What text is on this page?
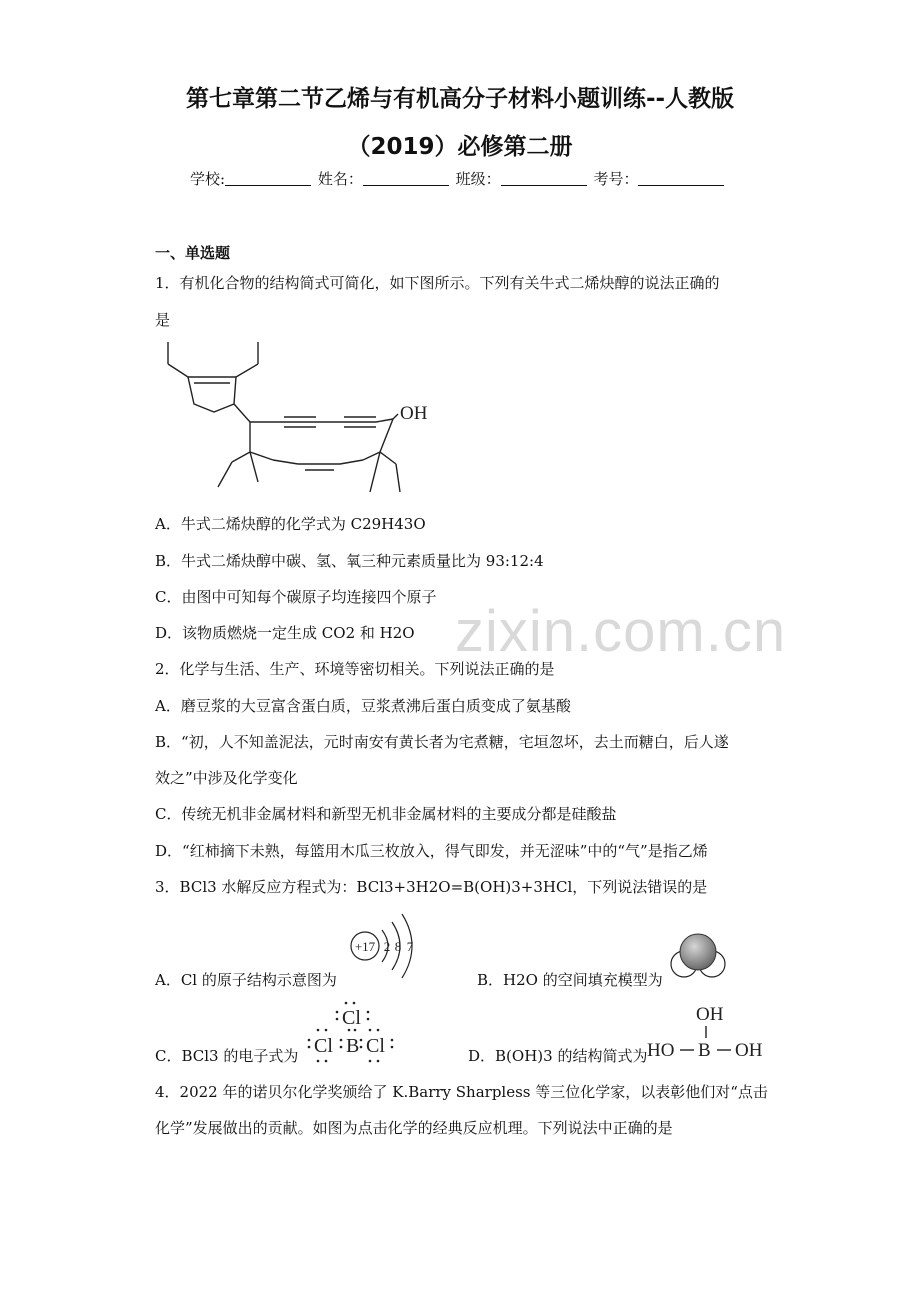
第七章第二节乙烯与有机高分子材料小题训练--人教版
（2019）必修第二册
学校:	姓名：	班级：	考号：
一、单选题
1．有机化合物的结构简式可简化，如下图所示。下列有关牛式二烯炔醇的说法正确的
是
OH
A．牛式二烯炔醇的化学式为 C29H43O
B．牛式二烯炔醇中碳、氢、氧三种元素质量比为 93:12:4
C．由图中可知每个碳原子均连接四个原子
D．该物质燃烧一定生成 CO2 和 H2O zixin.com.cn
2．化学与生活、生产、环境等密切相关。下列说法正确的是
A．磨豆浆的大豆富含蛋白质，豆浆煮沸后蛋白质变成了氨基酸
B．“初，人不知盖泥法，元时南安有黄长者为宅煮糖，宅垣忽坏，去土而糖白，后人遂
效之”中涉及化学变化
C．传统无机非金属材料和新型无机非金属材料的主要成分都是硅酸盐
D．“红柿摘下未熟，每篮用木瓜三枚放入，得气即发，并无涩味”中的“气”是指乙烯
3．BCl3 水解反应方程式为：BCl3+3H2O=B(OH)3+3HCl，下列说法错误的是
+17 2 8 7
A．Cl 的原子结构示意图为	B．H2O 的空间填充模型为
Cl
Cl B Cl
C．BCl3 的电子式为	D．B(OH)3 的结构简式为
OH
HO B OH
4．2022 年的诺贝尔化学奖颁给了 K.Barry Sharpless 等三位化学家，以表彰他们对“点击
化学”发展做出的贡献。如图为点击化学的经典反应机理。下列说法中正确的是
